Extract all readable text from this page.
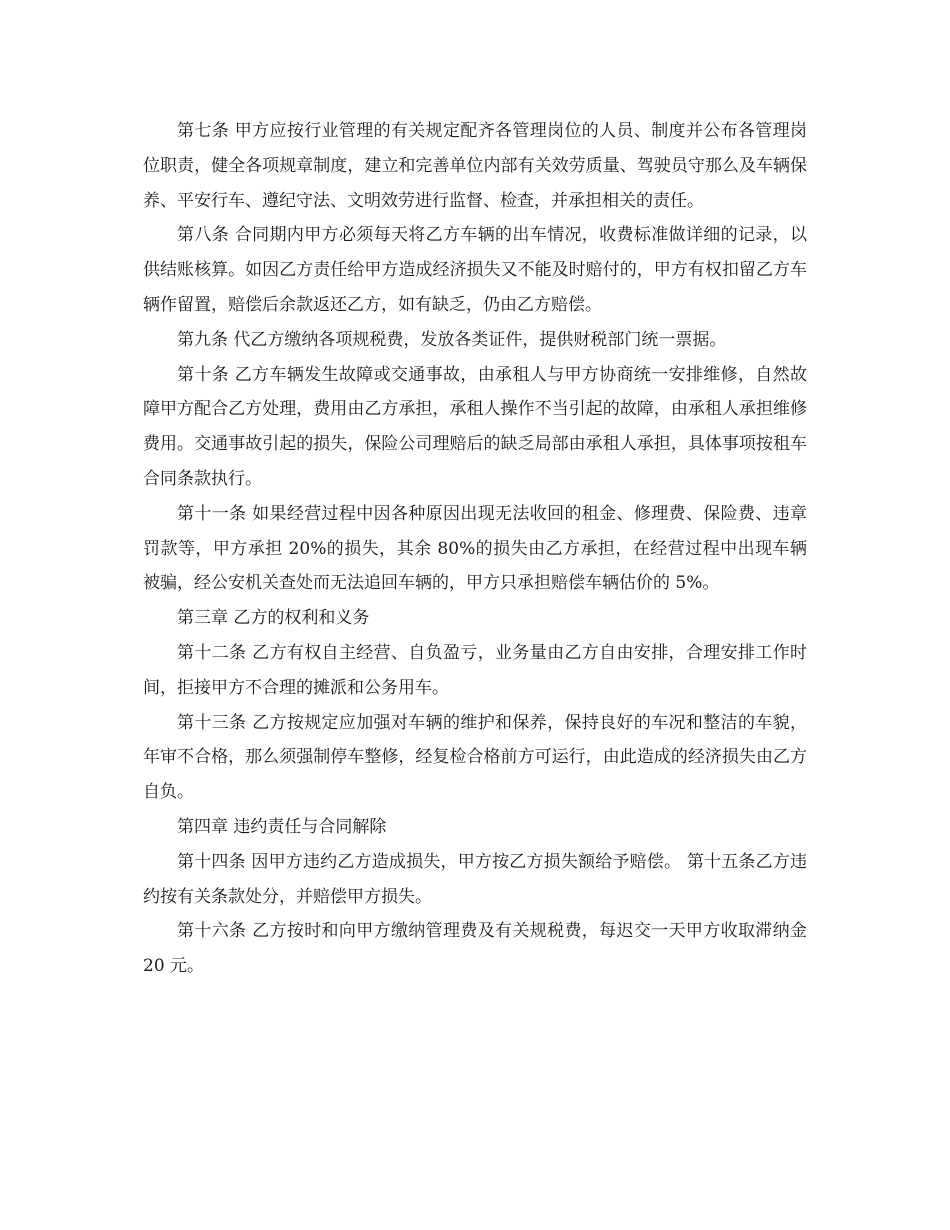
第七条 甲方应按行业管理的有关规定配齐各管理岗位的人员、制度并公布各管理岗位职责，健全各项规章制度，建立和完善单位内部有关效劳质量、驾驶员守那么及车辆保养、平安行车、遵纪守法、文明效劳进行监督、检查，并承担相关的责任。

第八条 合同期内甲方必须每天将乙方车辆的出车情况，收费标准做详细的记录，以供结账核算。如因乙方责任给甲方造成经济损失又不能及时赔付的，甲方有权扣留乙方车辆作留置，赔偿后余款返还乙方，如有缺乏，仍由乙方赔偿。

第九条 代乙方缴纳各项规税费，发放各类证件，提供财税部门统一票据。

第十条 乙方车辆发生故障或交通事故，由承租人与甲方协商统一安排维修，自然故障甲方配合乙方处理，费用由乙方承担，承租人操作不当引起的故障，由承租人承担维修费用。交通事故引起的损失，保险公司理赔后的缺乏局部由承租人承担，具体事项按租车合同条款执行。

第十一条 如果经营过程中因各种原因出现无法收回的租金、修理费、保险费、违章罚款等，甲方承担 20%的损失，其余 80%的损失由乙方承担，在经营过程中出现车辆被骗，经公安机关查处而无法追回车辆的，甲方只承担赔偿车辆估价的 5%。

第三章 乙方的权利和义务

第十二条 乙方有权自主经营、自负盈亏，业务量由乙方自由安排，合理安排工作时间，拒接甲方不合理的摊派和公务用车。

第十三条 乙方按规定应加强对车辆的维护和保养，保持良好的车况和整洁的车貌，年审不合格，那么须强制停车整修，经复检合格前方可运行，由此造成的经济损失由乙方自负。

第四章 违约责任与合同解除

第十四条 因甲方违约乙方造成损失，甲方按乙方损失额给予赔偿。 第十五条乙方违约按有关条款处分，并赔偿甲方损失。

第十六条 乙方按时和向甲方缴纳管理费及有关规税费，每迟交一天甲方收取滞纳金 20 元。
